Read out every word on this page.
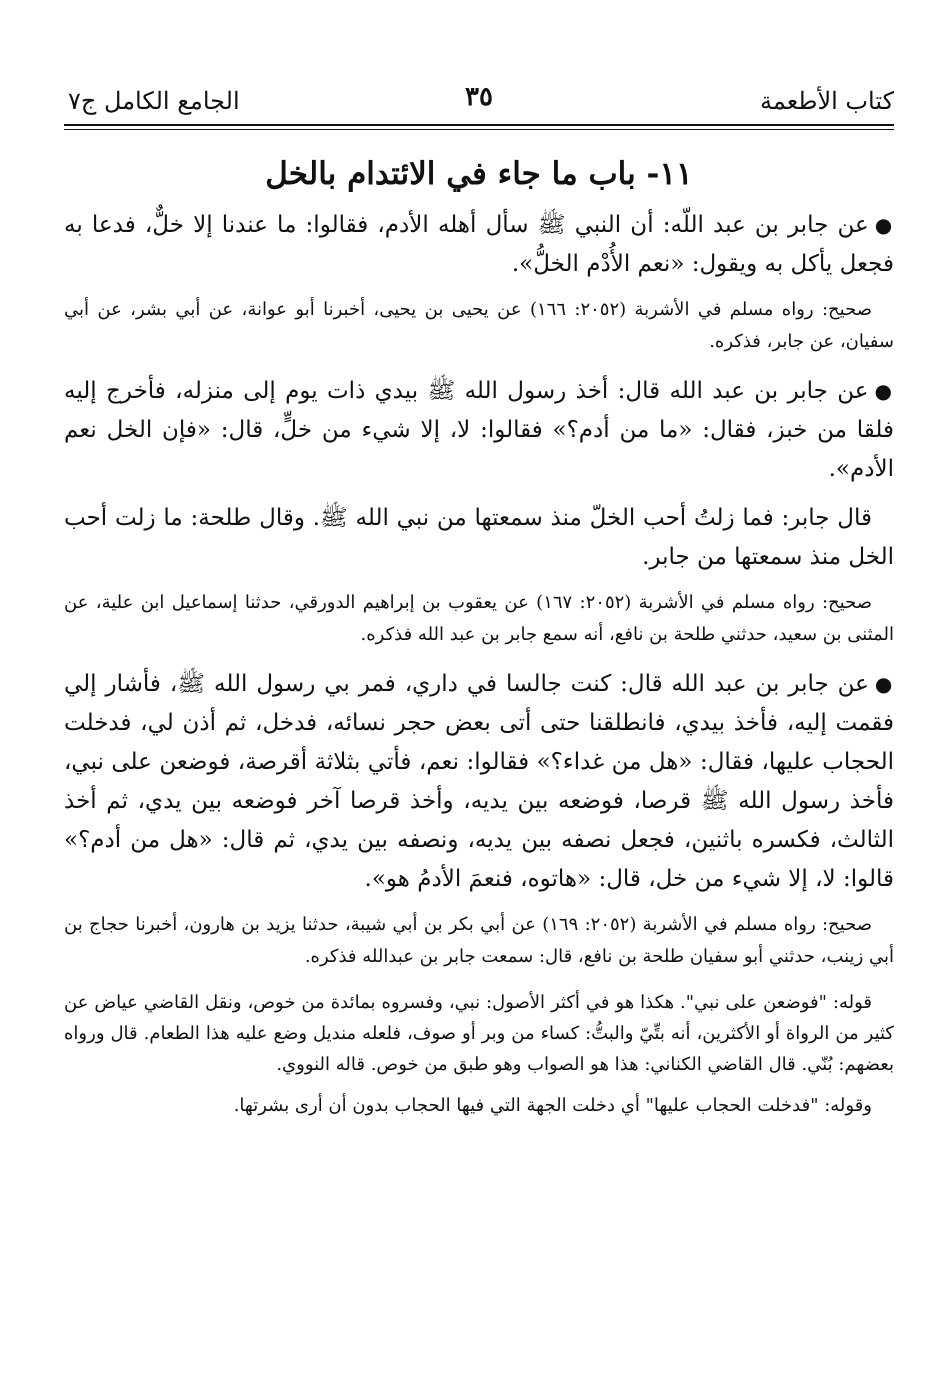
كتاب الأطعمة
٣٥
الجامع الكامل ج٧
١١- باب ما جاء في الائتدام بالخل

●عن جابر بن عبد اللّه: أن النبي ﷺ سأل أهله الأدم، فقالوا: ما عندنا إلا خلٌّ، فدعا به فجعل يأكل به ويقول: «نعم الأُدْم الخلُّ».

صحيح: رواه مسلم في الأشربة (٢٠٥٢: ١٦٦) عن يحيى بن يحيى، أخبرنا أبو عوانة، عن أبي بشر، عن أبي سفيان، عن جابر، فذكره.

●عن جابر بن عبد الله قال: أخذ رسول الله ﷺ بيدي ذات يوم إلى منزله، فأخرج إليه فلقا من خبز، فقال: «ما من أدم؟» فقالوا: لا، إلا شيء من خلٍّ، قال: «فإن الخل نعم الأدم».

قال جابر: فما زلتُ أحب الخلّ منذ سمعتها من نبي الله ﷺ. وقال طلحة: ما زلت أحب الخل منذ سمعتها من جابر.

صحيح: رواه مسلم في الأشربة (٢٠٥٢: ١٦٧) عن يعقوب بن إبراهيم الدورقي، حدثنا إسماعيل ابن علية، عن المثنى بن سعيد، حدثني طلحة بن نافع، أنه سمع جابر بن عبد الله فذكره.

●عن جابر بن عبد الله قال: كنت جالسا في داري، فمر بي رسول الله ﷺ، فأشار إلي فقمت إليه، فأخذ بيدي، فانطلقنا حتى أتى بعض حجر نسائه، فدخل، ثم أذن لي، فدخلت الحجاب عليها، فقال: «هل من غداء؟» فقالوا: نعم، فأتي بثلاثة أقرصة، فوضعن على نبي، فأخذ رسول الله ﷺ قرصا، فوضعه بين يديه، وأخذ قرصا آخر فوضعه بين يدي، ثم أخذ الثالث، فكسره باثنين، فجعل نصفه بين يديه، ونصفه بين يدي، ثم قال: «هل من أدم؟» قالوا: لا، إلا شيء من خل، قال: «هاتوه، فنعمَ الأدمُ هو».

صحيح: رواه مسلم في الأشربة (٢٠٥٢: ١٦٩) عن أبي بكر بن أبي شيبة، حدثنا يزيد بن هارون، أخبرنا حجاج بن أبي زينب، حدثني أبو سفيان طلحة بن نافع، قال: سمعت جابر بن عبدالله فذكره.

قوله: "فوضعن على نبي". هكذا هو في أكثر الأصول: نبي، وفسروه بمائدة من خوص، ونقل القاضي عياض عن كثير من الرواة أو الأكثرين، أنه بتِّيّ والبتُّ: كساء من وبر أو صوف، فلعله منديل وضع عليه هذا الطعام. قال ورواه بعضهم: بُنّي. قال القاضي الكناني: هذا هو الصواب وهو طبق من خوص. قاله النووي.

وقوله: "فدخلت الحجاب عليها" أي دخلت الجهة التي فيها الحجاب بدون أن أرى بشرتها.
